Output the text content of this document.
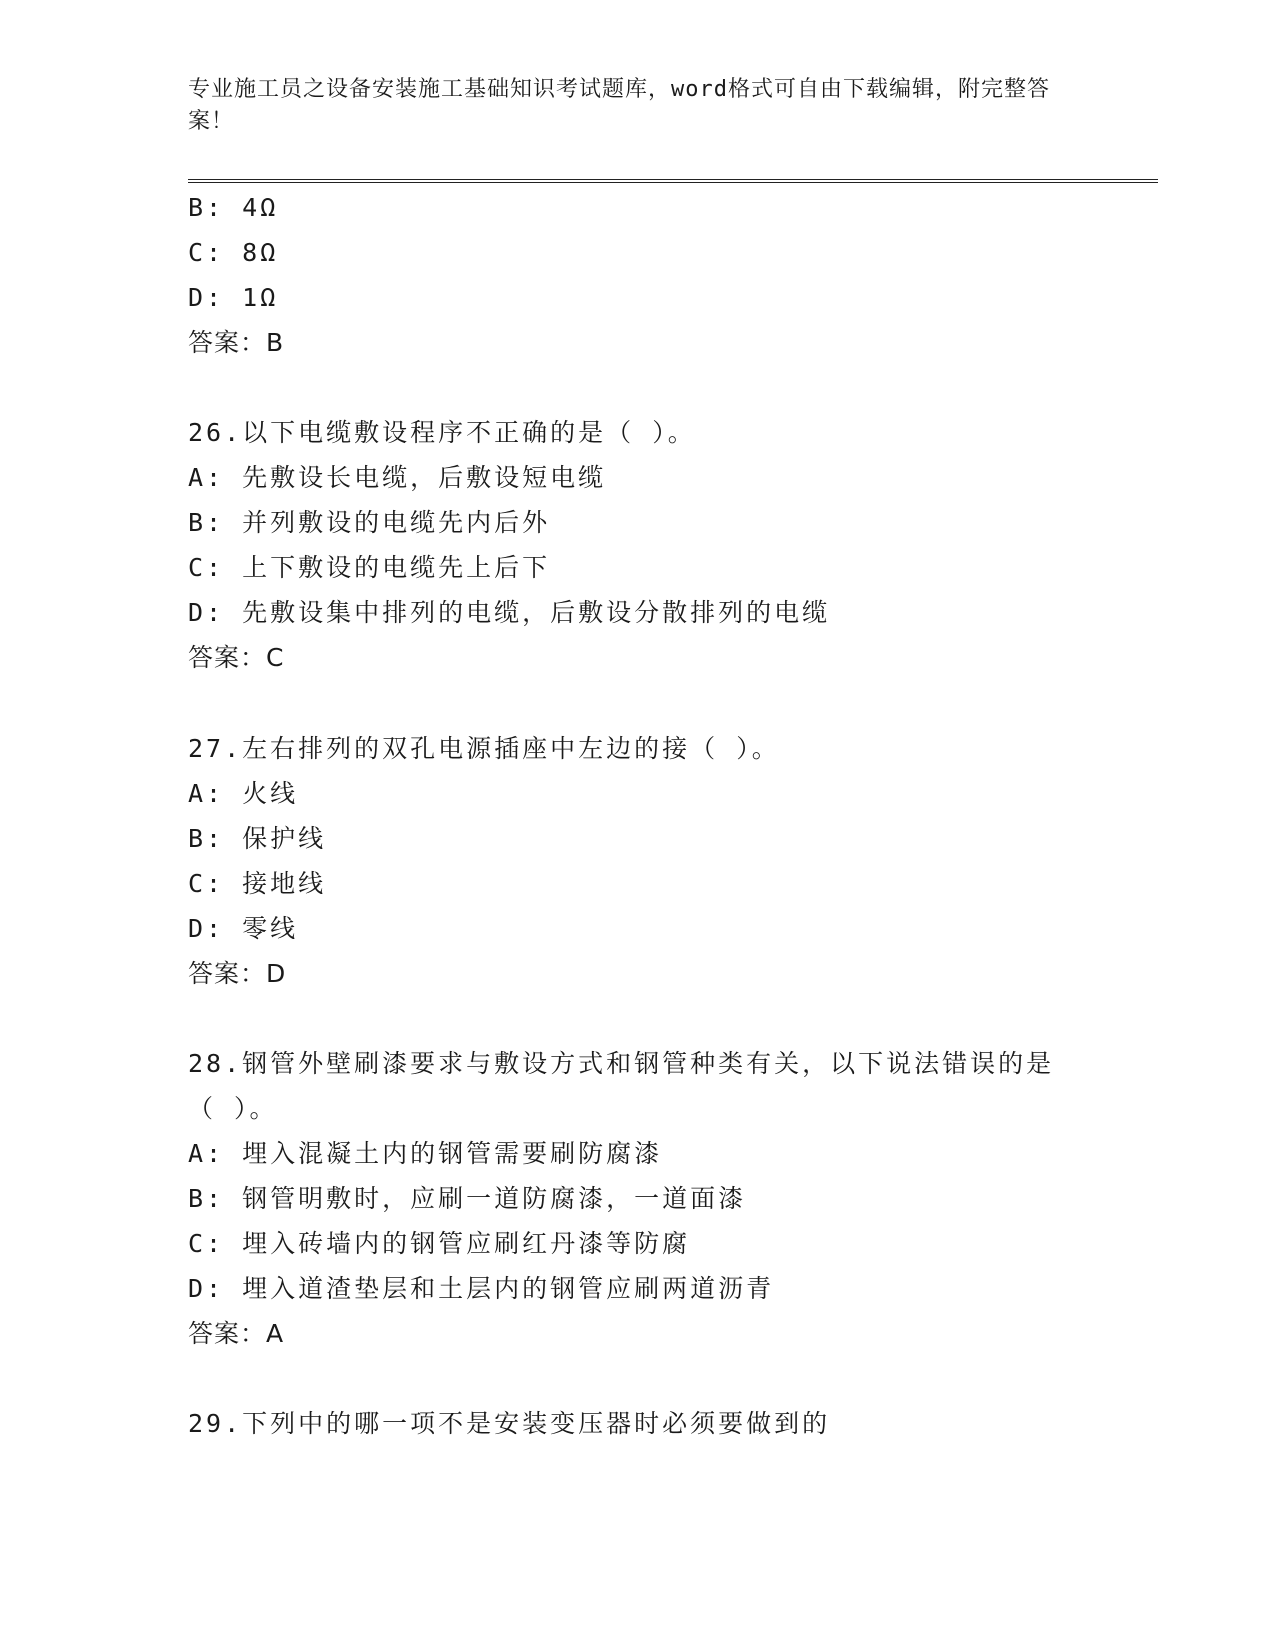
专业施工员之设备安装施工基础知识考试题库，word格式可自由下载编辑，附完整答案！
B: 4Ω
C: 8Ω
D: 1Ω
答案：B
26.以下电缆敷设程序不正确的是（ ）。
A: 先敷设长电缆，后敷设短电缆
B: 并列敷设的电缆先内后外
C: 上下敷设的电缆先上后下
D: 先敷设集中排列的电缆，后敷设分散排列的电缆
答案：C
27.左右排列的双孔电源插座中左边的接（ ）。
A: 火线
B: 保护线
C: 接地线
D: 零线
答案：D
28.钢管外壁刷漆要求与敷设方式和钢管种类有关，以下说法错误的是
（ ）。
A: 埋入混凝土内的钢管需要刷防腐漆
B: 钢管明敷时，应刷一道防腐漆，一道面漆
C: 埋入砖墙内的钢管应刷红丹漆等防腐
D: 埋入道渣垫层和土层内的钢管应刷两道沥青
答案：A
29.下列中的哪一项不是安装变压器时必须要做到的
